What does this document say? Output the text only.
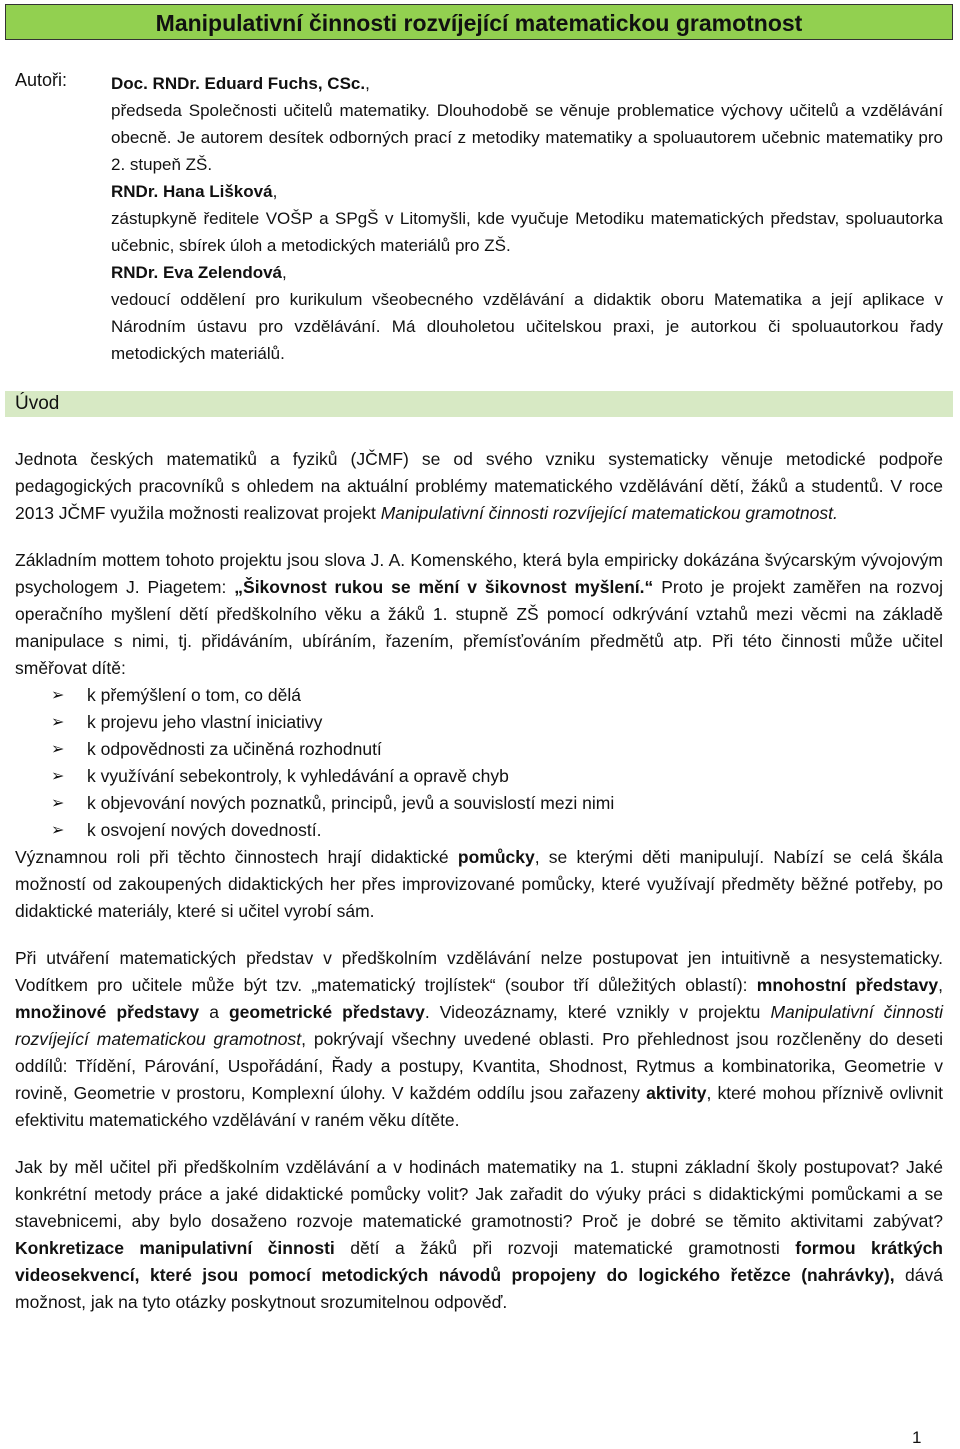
Manipulativní činnosti rozvíjející matematickou gramotnost
Autoři:	Doc. RNDr. Eduard Fuchs, CSc.,
předseda Společnosti učitelů matematiky. Dlouhodobě se věnuje problematice výchovy učitelů a vzdělávání obecně. Je autorem desítek odborných prací z metodiky matematiky a spoluautorem učebnic matematiky pro 2. stupeň ZŠ.

RNDr. Hana Lišková,
zástupkyně ředitele VOŠP a SPgŠ v Litomyšli, kde vyučuje Metodiku matematických představ, spoluautorka učebnic, sbírek úloh a metodických materiálů pro ZŠ.

RNDr. Eva Zelendová,
vedoucí oddělení pro kurikulum všeobecného vzdělávání a didaktik oboru Matematika a její aplikace v Národním ústavu pro vzdělávání. Má dlouholetou učitelskou praxi, je autorkou či spoluautorkou řady metodických materiálů.

Úvod

Jednota českých matematiků a fyziků (JČMF) se od svého vzniku systematicky věnuje metodické podpoře pedagogických pracovníků s ohledem na aktuální problémy matematického vzdělávání dětí, žáků a studentů. V roce 2013 JČMF využila možnosti realizovat projekt Manipulativní činnosti rozvíjející matematickou gramotnost.

Základním mottem tohoto projektu jsou slova J. A. Komenského, která byla empiricky dokázána švýcarským vývojovým psychologem J. Piagetem: „Šikovnost rukou se mění v šikovnost myšlení.“ Proto je projekt zaměřen na rozvoj operačního myšlení dětí předškolního věku a žáků 1. stupně ZŠ pomocí odkrývání vztahů mezi věcmi na základě manipulace s nimi, tj. přidáváním, ubíráním, řazením, přemísťováním předmětů atp. Při této činnosti může učitel směřovat dítě:

➢ k přemýšlení o tom, co dělá
➢ k projevu jeho vlastní iniciativy
➢ k odpovědnosti za učiněná rozhodnutí
➢ k využívání sebekontroly, k vyhledávání a opravě chyb
➢ k objevování nových poznatků, principů, jevů a souvislostí mezi nimi
➢ k osvojení nových dovedností.

Významnou roli při těchto činnostech hrají didaktické pomůcky, se kterými děti manipulují. Nabízí se celá škála možností od zakoupených didaktických her přes improvizované pomůcky, které využívají předměty běžné potřeby, po didaktické materiály, které si učitel vyrobí sám.

Při utváření matematických představ v předškolním vzdělávání nelze postupovat jen intuitivně a nesystematicky. Vodítkem pro učitele může být tzv. „matematický trojlístek“ (soubor tří důležitých oblastí): mnohostní představy, množinové představy a geometrické představy. Videozáznamy, které vznikly v projektu Manipulativní činnosti rozvíjející matematickou gramotnost, pokrývají všechny uvedené oblasti. Pro přehlednost jsou rozčleněny do deseti oddílů: Třídění, Párování, Uspořádání, Řady a postupy, Kvantita, Shodnost, Rytmus a kombinatorika, Geometrie v rovině, Geometrie v prostoru, Komplexní úlohy. V každém oddílu jsou zařazeny aktivity, které mohou příznivě ovlivnit efektivitu matematického vzdělávání v raném věku dítěte.

Jak by měl učitel při předškolním vzdělávání a v hodinách matematiky na 1. stupni základní školy postupovat? Jaké konkrétní metody práce a jaké didaktické pomůcky volit? Jak zařadit do výuky práci s didaktickými pomůckami a se stavebnicemi, aby bylo dosaženo rozvoje matematické gramotnosti? Proč je dobré se těmito aktivitami zabývat? Konkretizace manipulativní činnosti dětí a žáků při rozvoji matematické gramotnosti formou krátkých videosekvencí, které jsou pomocí metodických návodů propojeny do logického řetězce (nahrávky), dává možnost, jak na tyto otázky poskytnout srozumitelnou odpověď.

1
